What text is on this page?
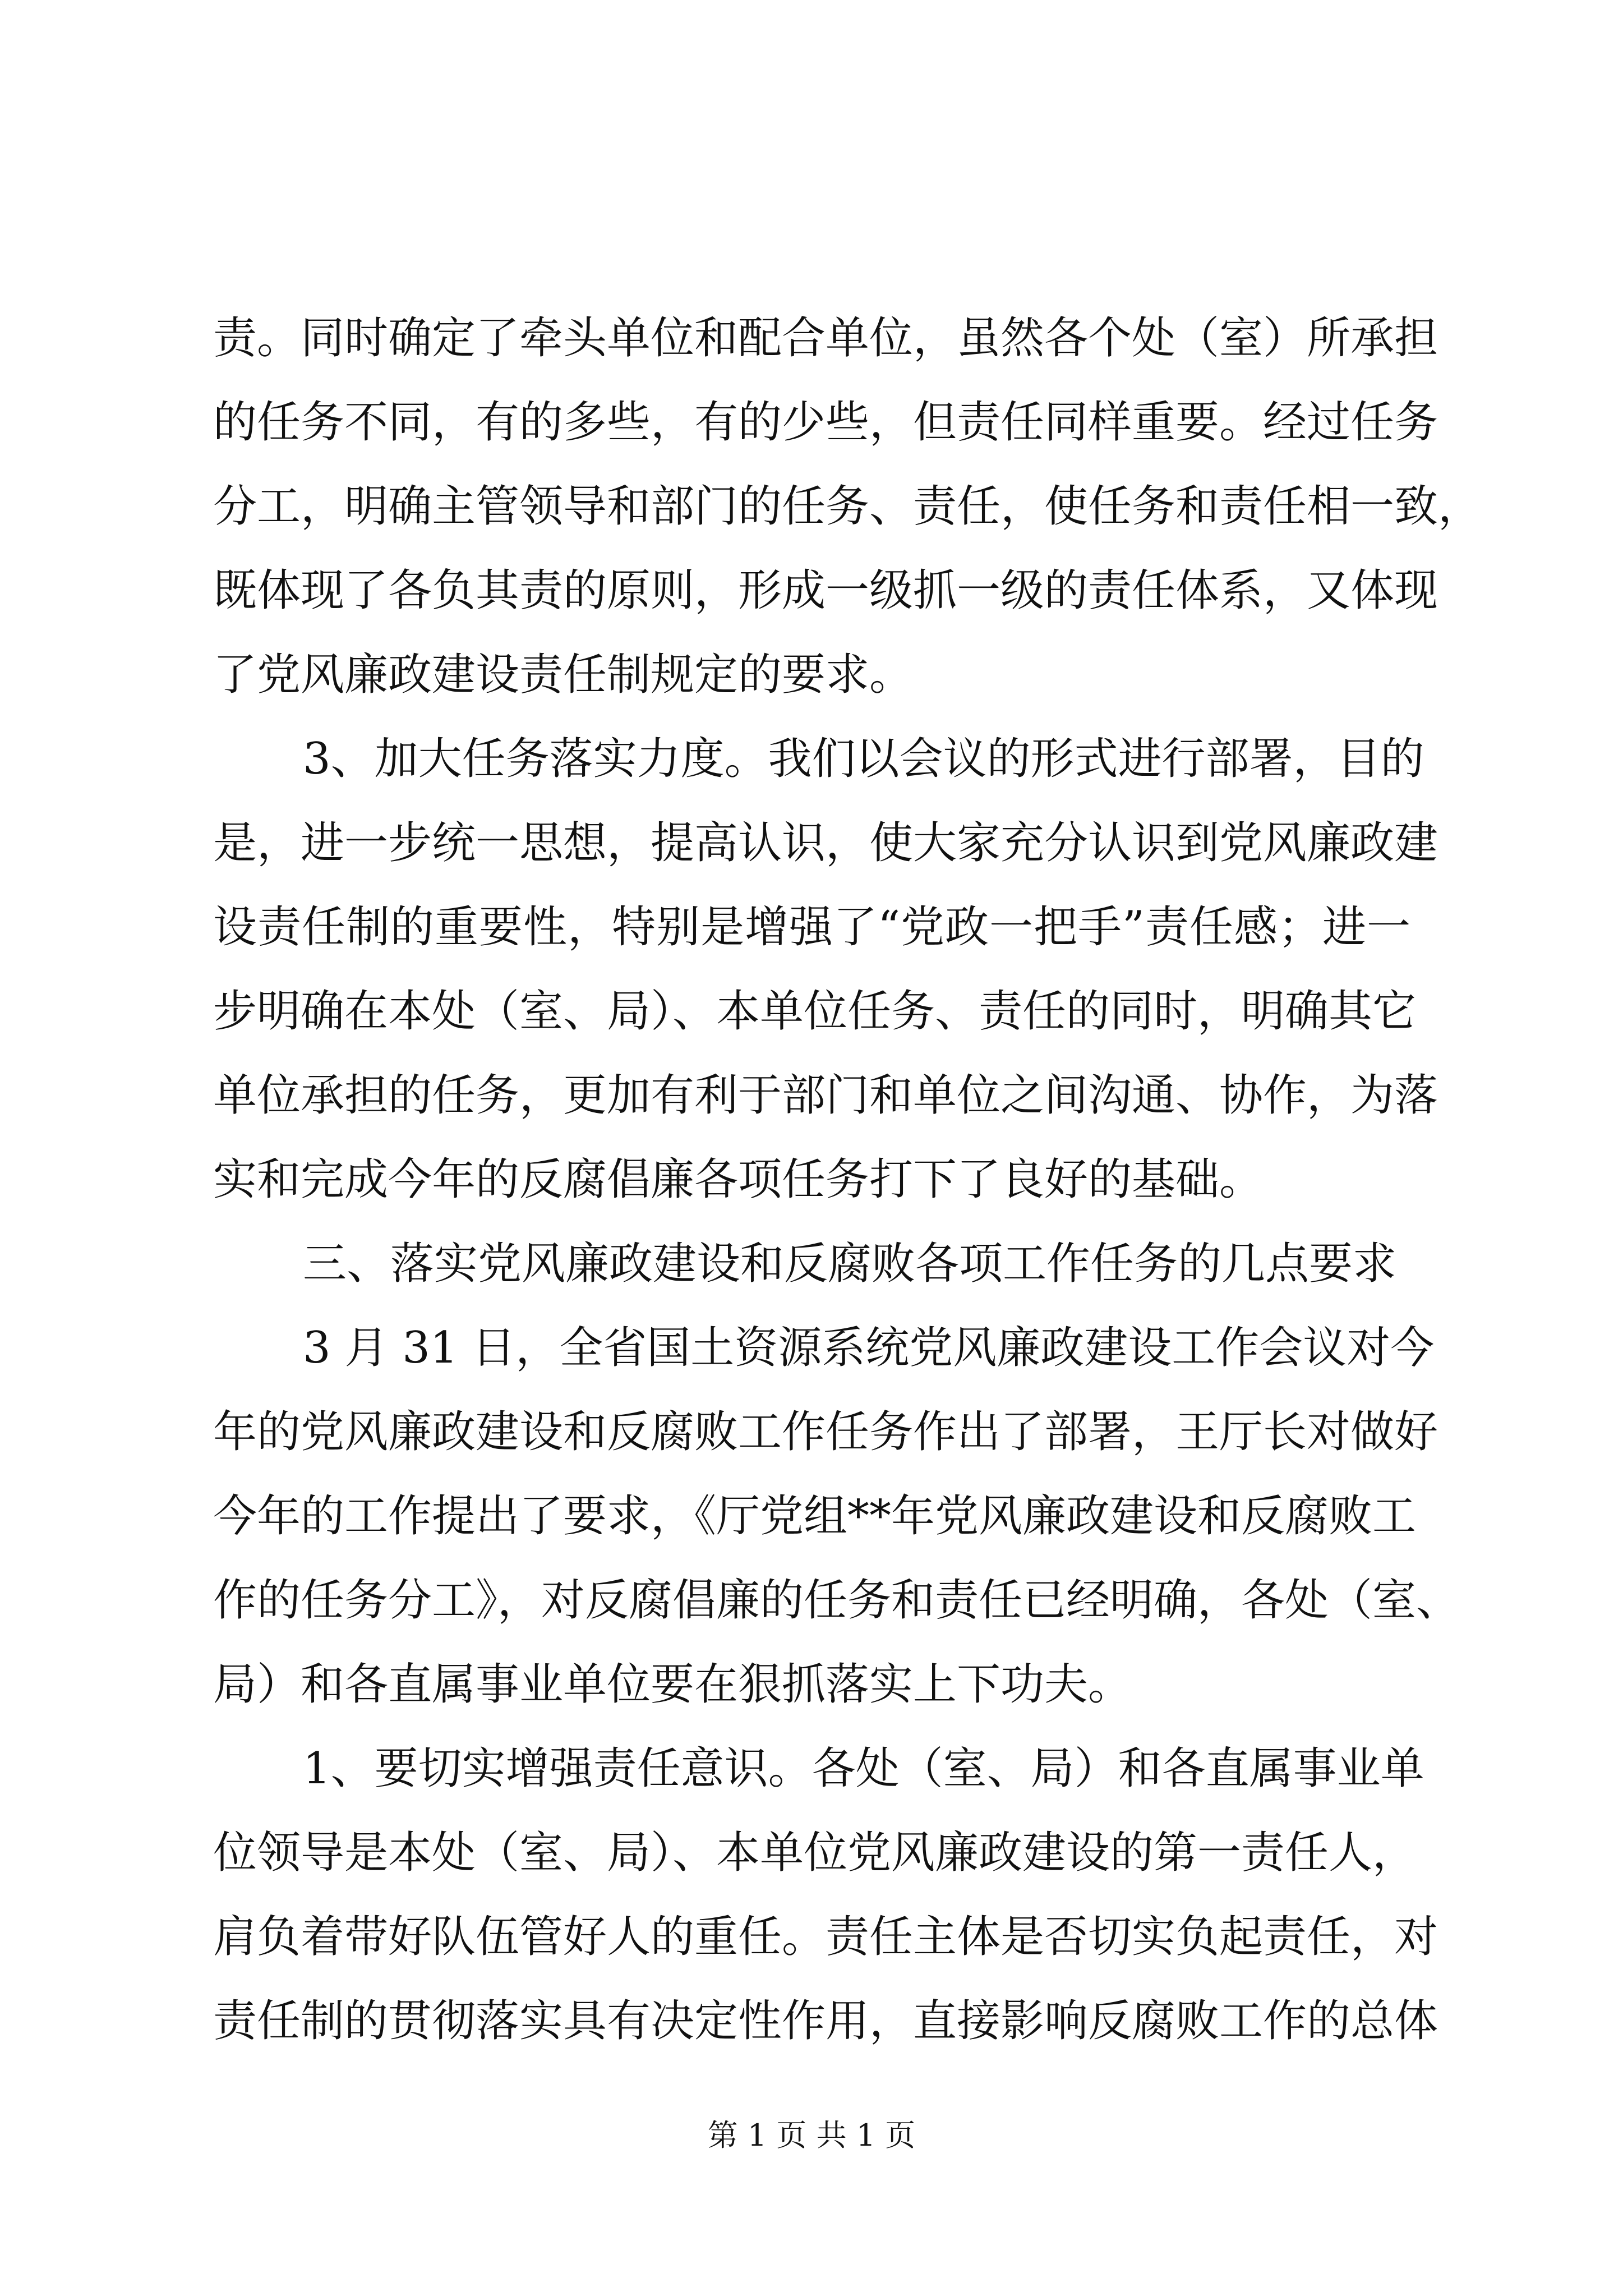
责。同时确定了牵头单位和配合单位，虽然各个处（室）所承担
的任务不同，有的多些，有的少些，但责任同样重要。经过任务
分工，明确主管领导和部门的任务、责任，使任务和责任相一致，
既体现了各负其责的原则，形成一级抓一级的责任体系，又体现
了党风廉政建设责任制规定的要求。
3、加大任务落实力度。我们以会议的形式进行部署，目的
是，进一步统一思想，提高认识，使大家充分认识到党风廉政建
设责任制的重要性，特别是增强了“党政一把手”责任感；进一
步明确在本处（室、局）、本单位任务、责任的同时，明确其它
单位承担的任务，更加有利于部门和单位之间沟通、协作，为落
实和完成今年的反腐倡廉各项任务打下了良好的基础。
三、落实党风廉政建设和反腐败各项工作任务的几点要求
3 月 31 日，全省国土资源系统党风廉政建设工作会议对今
年的党风廉政建设和反腐败工作任务作出了部署，王厅长对做好
今年的工作提出了要求，《厅党组**年党风廉政建设和反腐败工
作的任务分工》，对反腐倡廉的任务和责任已经明确，各处（室、
局）和各直属事业单位要在狠抓落实上下功夫。
1、要切实增强责任意识。各处（室、局）和各直属事业单
位领导是本处（室、局）、本单位党风廉政建设的第一责任人，
肩负着带好队伍管好人的重任。责任主体是否切实负起责任，对
责任制的贯彻落实具有决定性作用，直接影响反腐败工作的总体
第 1 页 共 1 页
